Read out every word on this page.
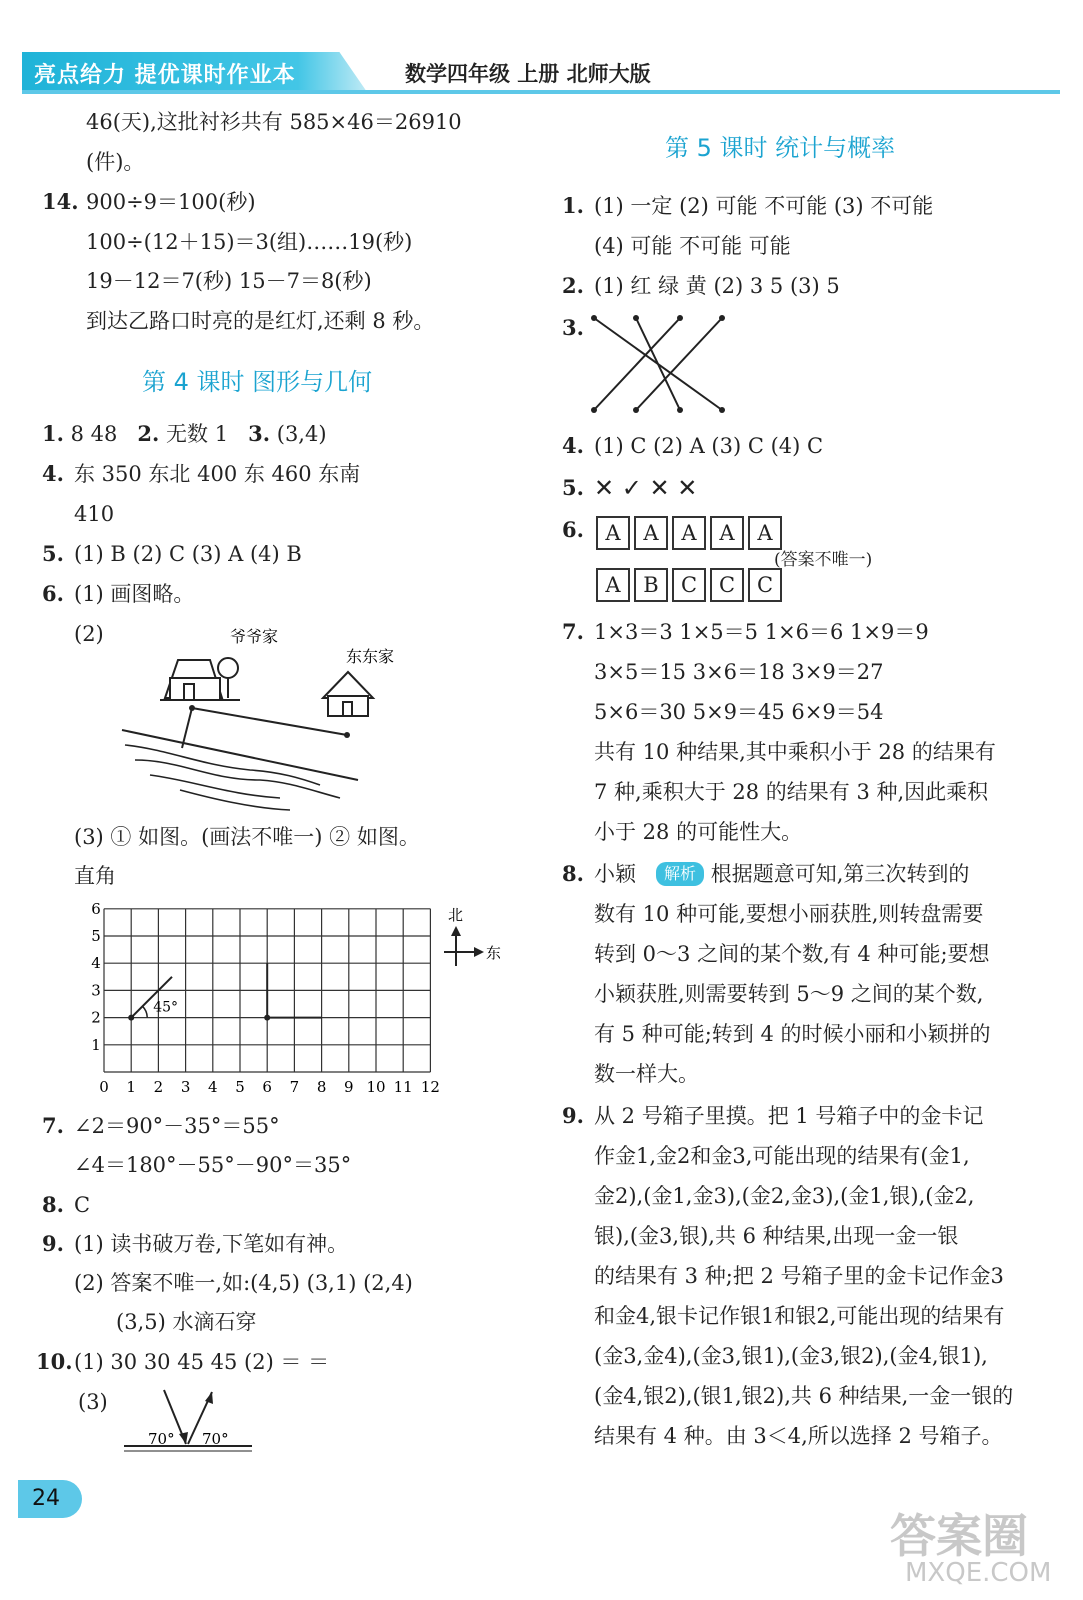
亮点给力 提优课时作业本	数学四年级 上册 北师大版
46(天),这批衬衫共有 585×46＝26910
(件)。
14. 900÷9＝100(秒)
100÷(12＋15)＝3(组)……19(秒)
19－12＝7(秒) 15－7＝8(秒)
到达乙路口时亮的是红灯,还剩 8 秒。
第 4 课时 图形与几何
1. 8 48 2. 无数 1 3. (3,4)
4. 东 350 东北 400 东 460 东南
410
5. (1) B (2) C (3) A (4) B
6. (1) 画图略。
(2)	爷爷家
东东家
(3) ① 如图。(画法不唯一) ② 如图。
直角
0 1 2 3 4 5 6 7 8 9 10 11 12
6
5
4
3
2
1
45°
北
东
7. ∠2＝90°－35°＝55°
∠4＝180°－55°－90°＝35°
8. C
9. (1) 读书破万卷,下笔如有神。
(2) 答案不唯一,如:(4,5) (3,1) (2,4)
(3,5) 水滴石穿
10. (1) 30 30 45 45 (2) ＝ ＝
(3)
70° 70°
第 5 课时 统计与概率
1. (1) 一定 (2) 可能 不可能 (3) 不可能
(4) 可能 不可能 可能
2. (1) 红 绿 黄 (2) 3 5 (3) 5
3.
4. (1) C (2) A (3) C (4) C
5. ✕ ✓ ✕ ✕
6.	A A A A A
(答案不唯一)
A B C C C
7. 1×3＝3 1×5＝5 1×6＝6 1×9＝9
3×5＝15 3×6＝18 3×9＝27
5×6＝30 5×9＝45 6×9＝54
共有 10 种结果,其中乘积小于 28 的结果有
7 种,乘积大于 28 的结果有 3 种,因此乘积
小于 28 的可能性大。
8. 小颖 解析 根据题意可知,第三次转到的
数有 10 种可能,要想小丽获胜,则转盘需要
转到 0～3 之间的某个数,有 4 种可能;要想
小颖获胜,则需要转到 5～9 之间的某个数,
有 5 种可能;转到 4 的时候小丽和小颖拼的
数一样大。
9. 从 2 号箱子里摸。把 1 号箱子中的金卡记
作金1,金2和金3,可能出现的结果有(金1,
金2),(金1,金3),(金2,金3),(金1,银),(金2,
银),(金3,银),共 6 种结果,出现一金一银
的结果有 3 种;把 2 号箱子里的金卡记作金3
和金4,银卡记作银1和银2,可能出现的结果有
(金3,金4),(金3,银1),(金3,银2),(金4,银1),
(金4,银2),(银1,银2),共 6 种结果,一金一银的
结果有 4 种。由 3＜4,所以选择 2 号箱子。
24
答案圈
MXQE.COM
